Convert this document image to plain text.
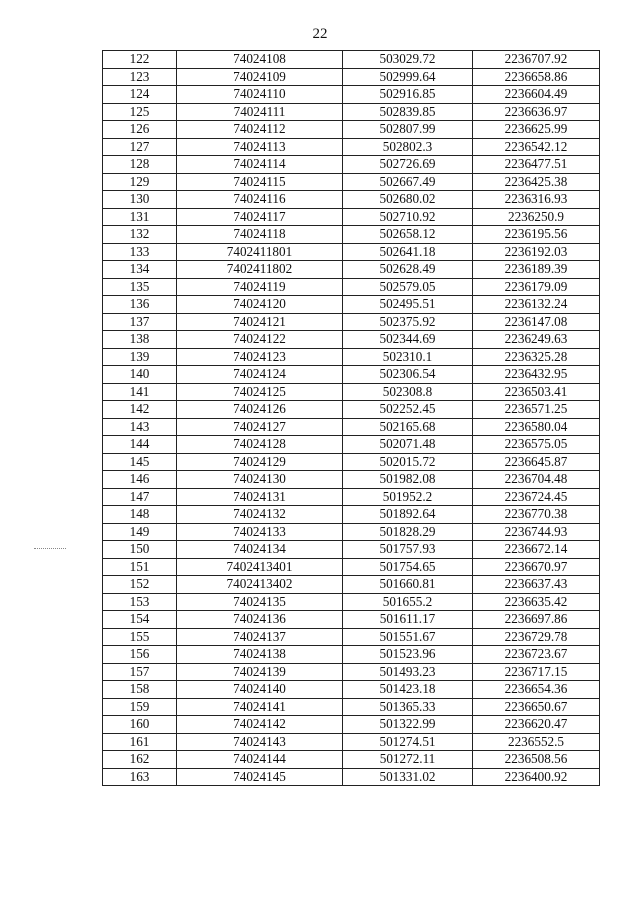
22
122	74024108	503029.72	2236707.92
123	74024109	502999.64	2236658.86
124	74024110	502916.85	2236604.49
125	74024111	502839.85	2236636.97
126	74024112	502807.99	2236625.99
127	74024113	502802.3	2236542.12
128	74024114	502726.69	2236477.51
129	74024115	502667.49	2236425.38
130	74024116	502680.02	2236316.93
131	74024117	502710.92	2236250.9
132	74024118	502658.12	2236195.56
133	7402411801	502641.18	2236192.03
134	7402411802	502628.49	2236189.39
135	74024119	502579.05	2236179.09
136	74024120	502495.51	2236132.24
137	74024121	502375.92	2236147.08
138	74024122	502344.69	2236249.63
139	74024123	502310.1	2236325.28
140	74024124	502306.54	2236432.95
141	74024125	502308.8	2236503.41
142	74024126	502252.45	2236571.25
143	74024127	502165.68	2236580.04
144	74024128	502071.48	2236575.05
145	74024129	502015.72	2236645.87
146	74024130	501982.08	2236704.48
147	74024131	501952.2	2236724.45
148	74024132	501892.64	2236770.38
149	74024133	501828.29	2236744.93
150	74024134	501757.93	2236672.14
151	7402413401	501754.65	2236670.97
152	7402413402	501660.81	2236637.43
153	74024135	501655.2	2236635.42
154	74024136	501611.17	2236697.86
155	74024137	501551.67	2236729.78
156	74024138	501523.96	2236723.67
157	74024139	501493.23	2236717.15
158	74024140	501423.18	2236654.36
159	74024141	501365.33	2236650.67
160	74024142	501322.99	2236620.47
161	74024143	501274.51	2236552.5
162	74024144	501272.11	2236508.56
163	74024145	501331.02	2236400.92
